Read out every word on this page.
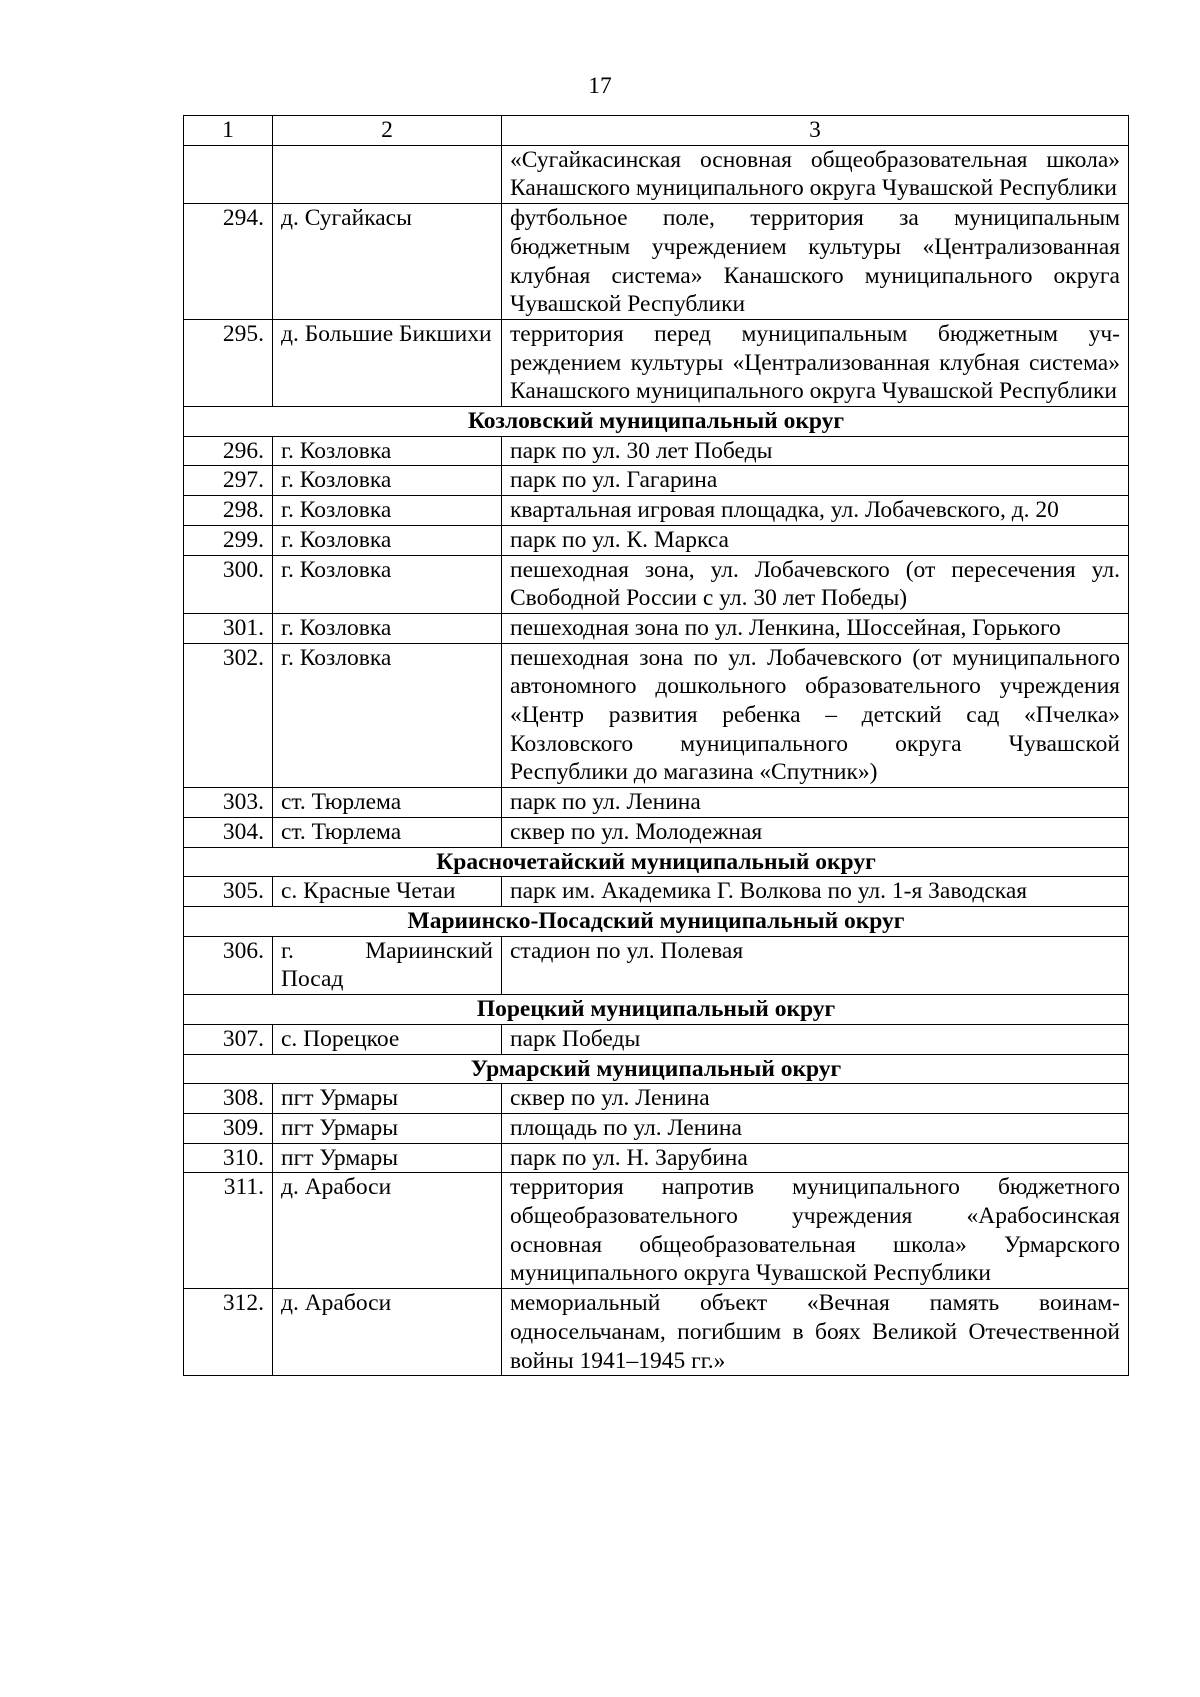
17
1	2	3
		«Сугайкасинская основная общеобразовательная школа» Канашского муниципального округа Чувашской Республики
294.	д. Сугайкасы	футбольное поле, территория за муниципальным бюджетным учреждением культуры «Централизованная клубная система» Канашского муниципального округа Чувашской Республики
295.	д. Большие Бикшихи	территория перед муниципальным бюджетным учреждением культуры «Централизованная клубная система» Канашского муниципального округа Чувашской Республики
Козловский муниципальный округ		
296.	г. Козловка	парк по ул. 30 лет Победы
297.	г. Козловка	парк по ул. Гагарина
298.	г. Козловка	квартальная игровая площадка, ул. Лобачевского, д. 20
299.	г. Козловка	парк по ул. К. Маркса
300.	г. Козловка	пешеходная зона, ул. Лобачевского (от пересечения ул. Свободной России с ул. 30 лет Победы)
301.	г. Козловка	пешеходная зона по ул. Ленкина, Шоссейная, Горького
302.	г. Козловка	пешеходная зона по ул. Лобачевского (от муниципального автономного дошкольного образовательного учреждения «Центр развития ребенка – детский сад «Пчелка» Козловского муниципального округа Чувашской Республики до магазина «Спутник»)
303.	ст. Тюрлема	парк по ул. Ленина
304.	ст. Тюрлема	сквер по ул. Молодежная
Красночетайский муниципальный округ		
305.	с. Красные Четаи	парк им. Академика Г. Волкова по ул. 1-я Заводская
Мариинско-Посадский муниципальный округ		
306.	г. Мариинский Посад	стадион по ул. Полевая
Порецкий муниципальный округ		
307.	с. Порецкое	парк Победы
Урмарский муниципальный округ		
308.	пгт Урмары	сквер по ул. Ленина
309.	пгт Урмары	площадь по ул. Ленина
310.	пгт Урмары	парк по ул. Н. Зарубина
311.	д. Арабоси	территория напротив муниципального бюджетного общеобразовательного учреждения «Арабосинская основная общеобразовательная школа» Урмарского муниципального округа Чувашской Республики
312.	д. Арабоси	мемориальный объект «Вечная память воинамодносельчанам, погибшим в боях Великой Отечественной войны 1941–1945 гг.»
